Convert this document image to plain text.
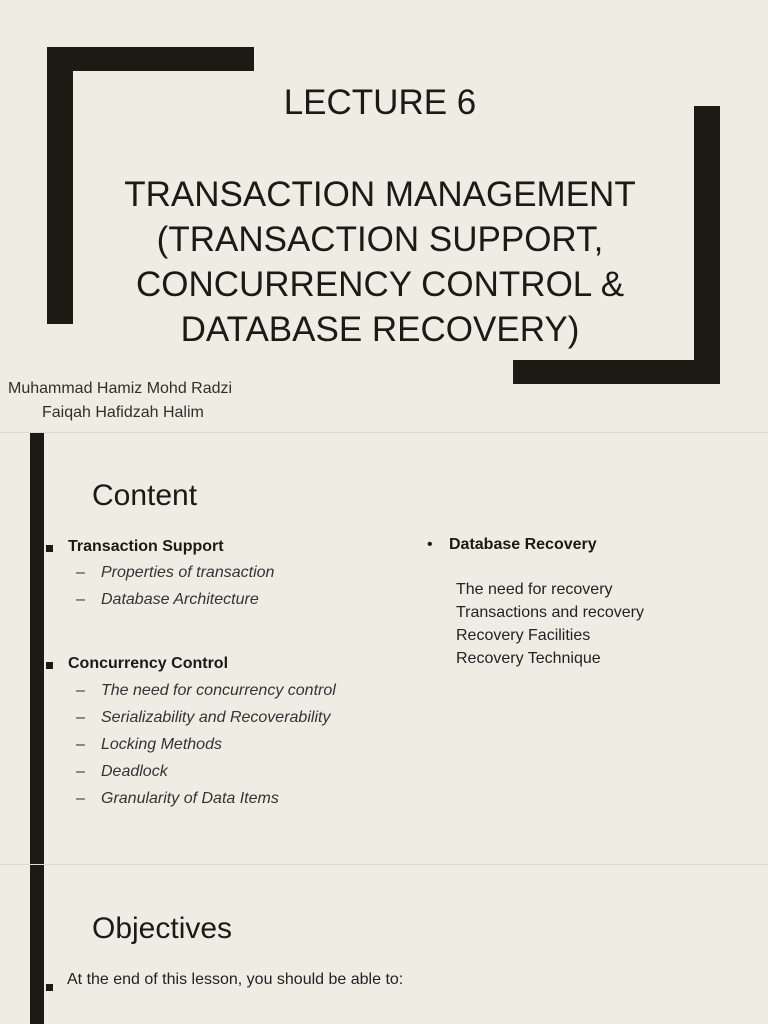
LECTURE 6
TRANSACTION MANAGEMENT
(TRANSACTION SUPPORT,
CONCURRENCY CONTROL &
DATABASE RECOVERY)
Muhammad Hamiz Mohd Radzi
Faiqah Hafidzah Halim
Content
Transaction Support
– Properties of transaction
– Database Architecture
Concurrency Control
– The need for concurrency control
– Serializability and Recoverability
– Locking Methods
– Deadlock
– Granularity of Data Items
• Database Recovery
The need for recovery
Transactions and recovery
Recovery Facilities
Recovery Technique
Objectives
At the end of this lesson, you should be able to:
